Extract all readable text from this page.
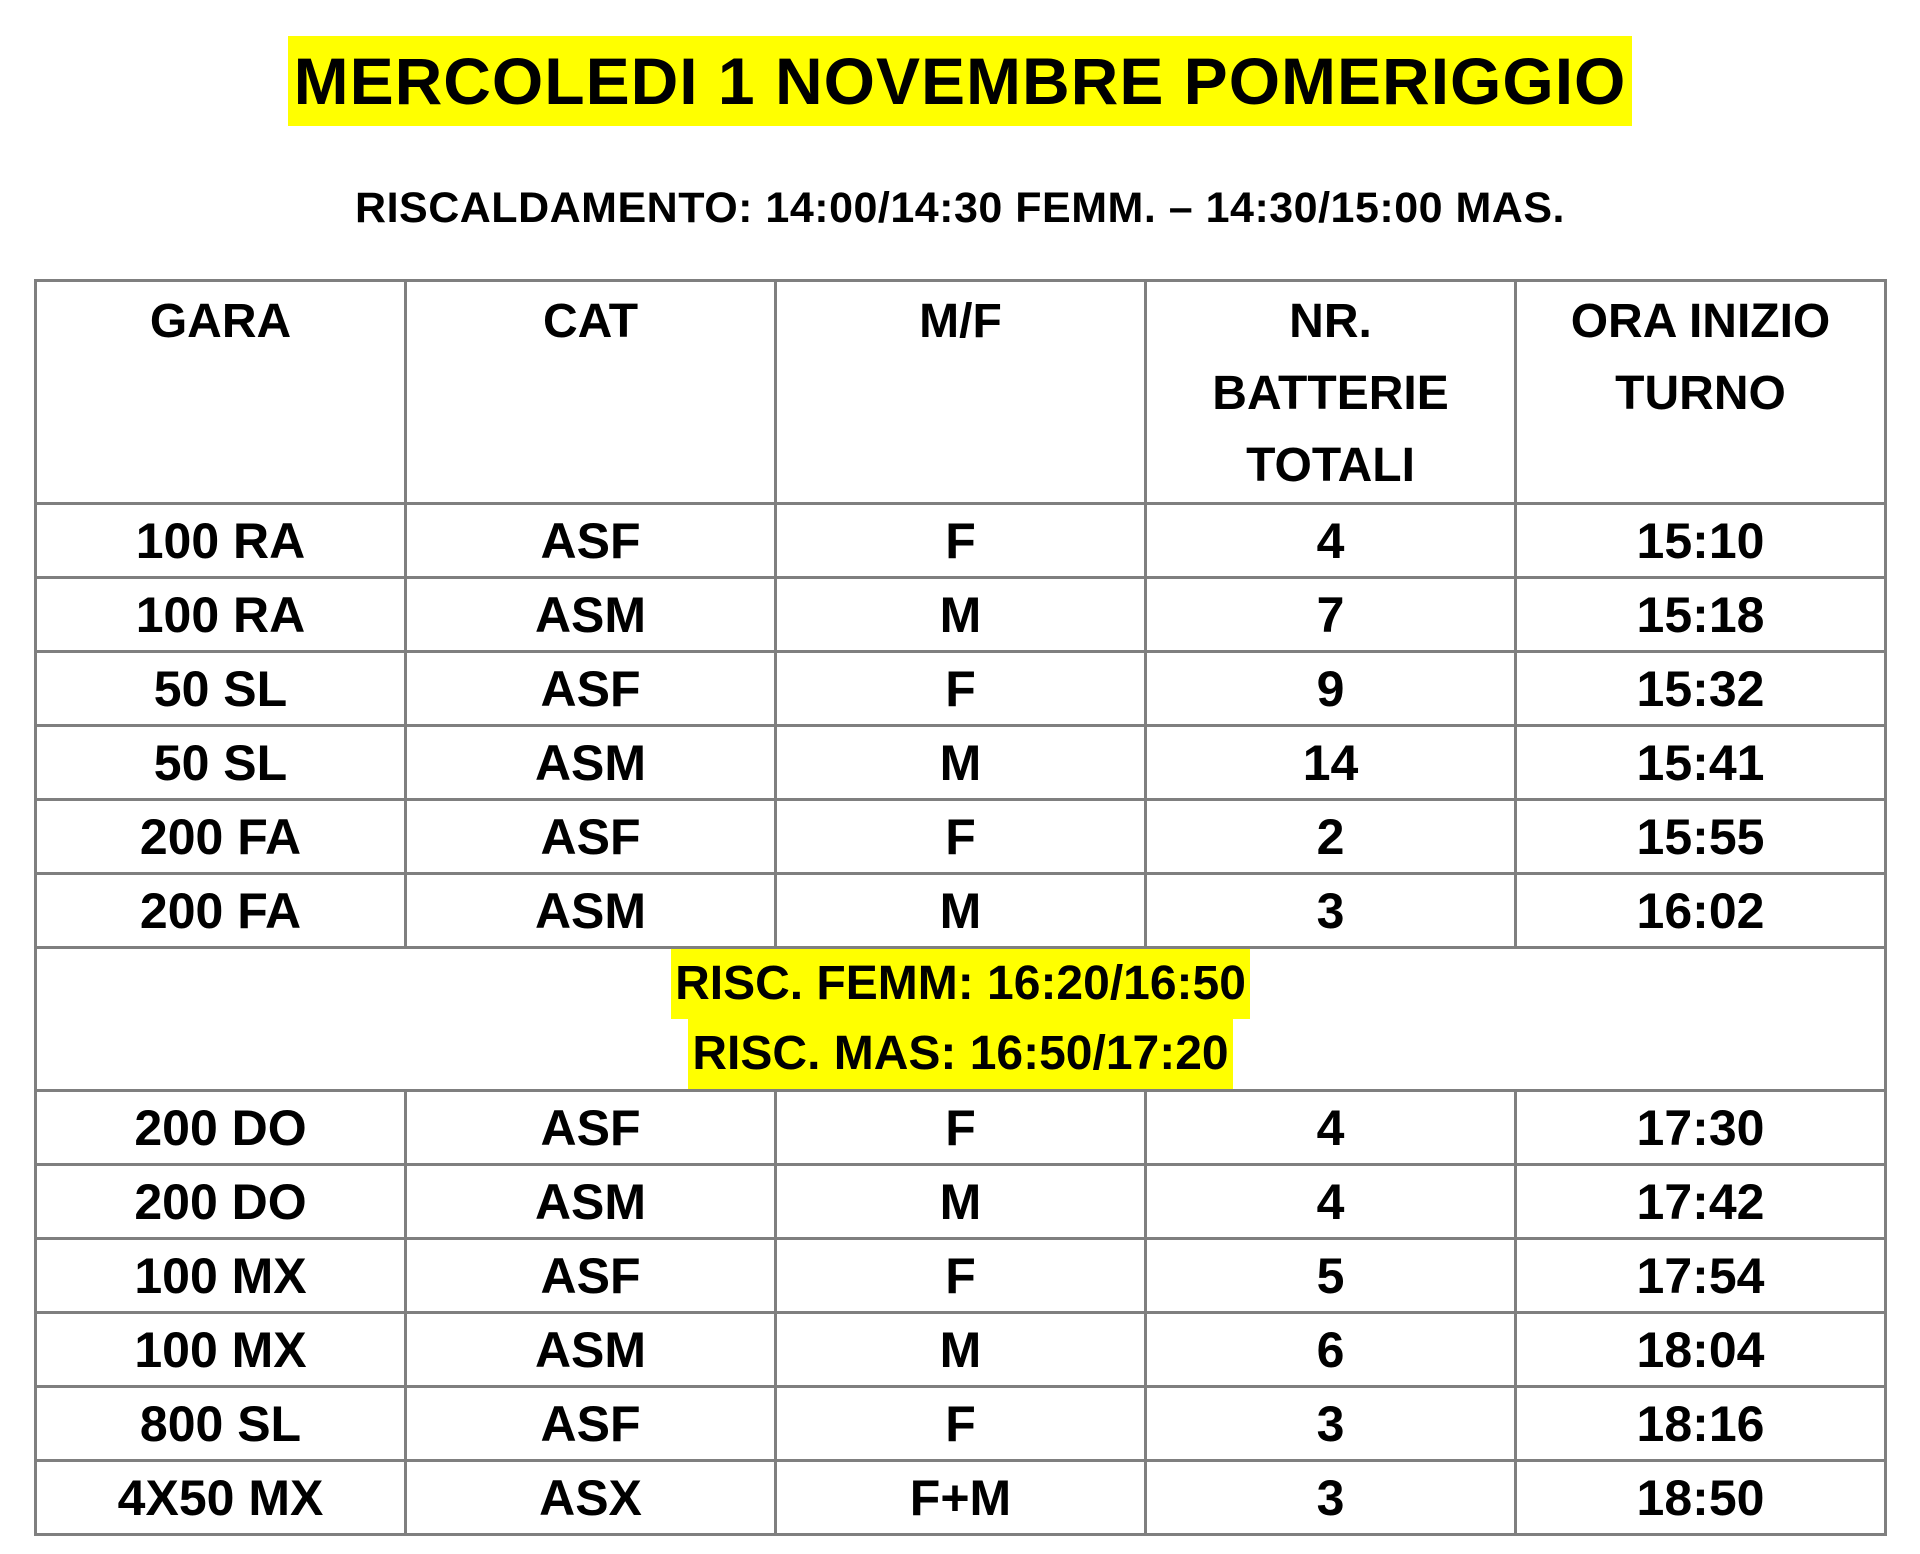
MERCOLEDI 1 NOVEMBRE POMERIGGIO
RISCALDAMENTO: 14:00/14:30 FEMM. – 14:30/15:00 MAS.
GARA	CAT	M/F	NR. BATTERIE TOTALI	ORA INIZIO TURNO
100 RA	ASF	F	4	15:10
100 RA	ASM	M	7	15:18
50 SL	ASF	F	9	15:32
50 SL	ASM	M	14	15:41
200 FA	ASF	F	2	15:55
200 FA	ASM	M	3	16:02
RISC. FEMM: 16:20/16:50
RISC. MAS: 16:50/17:20				
200 DO	ASF	F	4	17:30
200 DO	ASM	M	4	17:42
100 MX	ASF	F	5	17:54
100 MX	ASM	M	6	18:04
800 SL	ASF	F	3	18:16
4X50 MX	ASX	F+M	3	18:50
